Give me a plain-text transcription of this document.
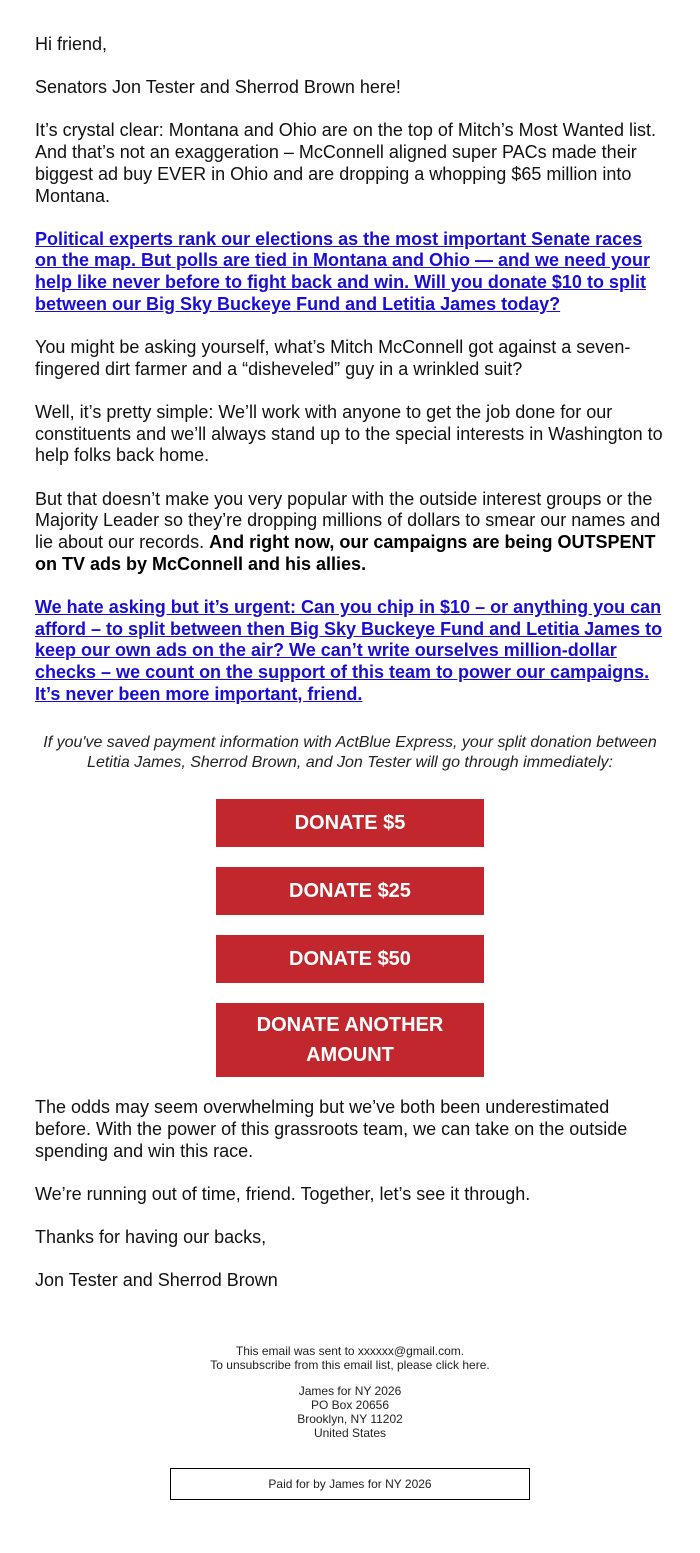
Hi friend,

Senators Jon Tester and Sherrod Brown here!

It’s crystal clear: Montana and Ohio are on the top of Mitch’s Most Wanted list. And that’s not an exaggeration – McConnell aligned super PACs made their biggest ad buy EVER in Ohio and are dropping a whopping $65 million into Montana.

Political experts rank our elections as the most important Senate races on the map. But polls are tied in Montana and Ohio — and we need your help like never before to fight back and win. Will you donate $10 to split between our Big Sky Buckeye Fund and Letitia James today?

You might be asking yourself, what’s Mitch McConnell got against a seven-fingered dirt farmer and a “disheveled” guy in a wrinkled suit?

Well, it’s pretty simple: We’ll work with anyone to get the job done for our constituents and we’ll always stand up to the special interests in Washington to help folks back home.

But that doesn’t make you very popular with the outside interest groups or the Majority Leader so they’re dropping millions of dollars to smear our names and lie about our records. And right now, our campaigns are being OUTSPENT on TV ads by McConnell and his allies.

We hate asking but it’s urgent: Can you chip in $10 – or anything you can afford – to split between then Big Sky Buckeye Fund and Letitia James to keep our own ads on the air? We can’t write ourselves million-dollar checks – we count on the support of this team to power our campaigns. It’s never been more important, friend.

If you've saved payment information with ActBlue Express, your split donation between Letitia James, Sherrod Brown, and Jon Tester will go through immediately:
DONATE $5
DONATE $25
DONATE $50
DONATE ANOTHER AMOUNT

The odds may seem overwhelming but we’ve both been underestimated before. With the power of this grassroots team, we can take on the outside spending and win this race.

We’re running out of time, friend. Together, let’s see it through.

Thanks for having our backs,

Jon Tester and Sherrod Brown

This email was sent to xxxxxx@gmail.com.
To unsubscribe from this email list, please click here.
James for NY 2026
PO Box 20656
Brooklyn, NY 11202
United States
Paid for by James for NY 2026
